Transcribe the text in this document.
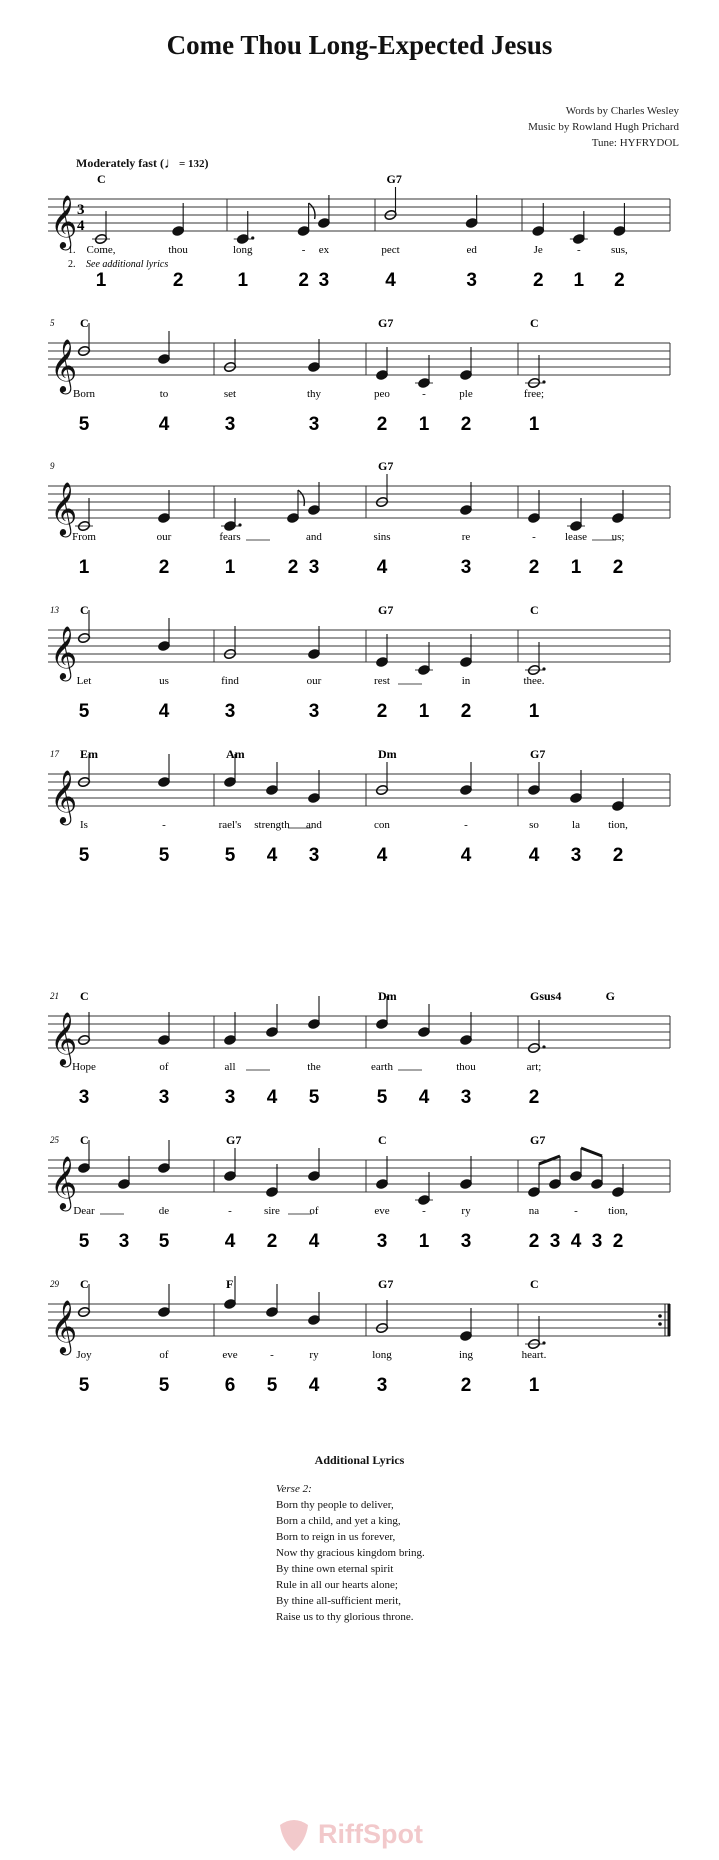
Come Thou Long-Expected Jesus
Words by Charles Wesley
Music by Rowland Hugh Prichard
Tune: HYFRYDOL
Moderately fast (♩= 132)
𝄞 3
4
Come,
1
thou
2
long
1
-
2
ex
3
pect
4
ed
3
Je
2
-
1
sus,
2
C	G7
1.
2. See additional lyrics
𝄞
5
Born
5
to
4
set
3
thy
3
peo
2
-
1
ple
2
free;
1
C	G7	C
𝄞
9
From
1
our
2
fears
1	2
and
3
sins
4
re
3
-
2
lease
1
us;
2
G7
𝄞
13
Let
5
us
4
find
3
our
3
rest
2 1
in
2
thee.
1
C	G7	C
𝄞
17
Is
5
-
5
rael's
5
strength
4
and
3
con
4
-
4
so
4
la
3
tion,
2
Em	Am	Dm	G7
𝄞
21
Hope
3
of
3
all
3 4
the
5
earth
5 4
thou
3
art;
2
C	Dm	Gsus4	G
𝄞
25
Dear
5 3
de
5
-
4
sire
2
of
4
eve
3
-
1
ry
3
na
2 3
-
4 3
tion,
2
C	G7	C	G7
𝄞
29
Joy
5
of
5
eve
6
-
5
ry
4
long
3
ing
2
heart.
1
C	F	G7	C
Additional Lyrics
Verse 2:
Born thy people to deliver,
Born a child, and yet a king,
Born to reign in us forever,
Now thy gracious kingdom bring.
By thine own eternal spirit
Rule in all our hearts alone;
By thine all-sufficient merit,
Raise us to thy glorious throne.
RiffSpot
